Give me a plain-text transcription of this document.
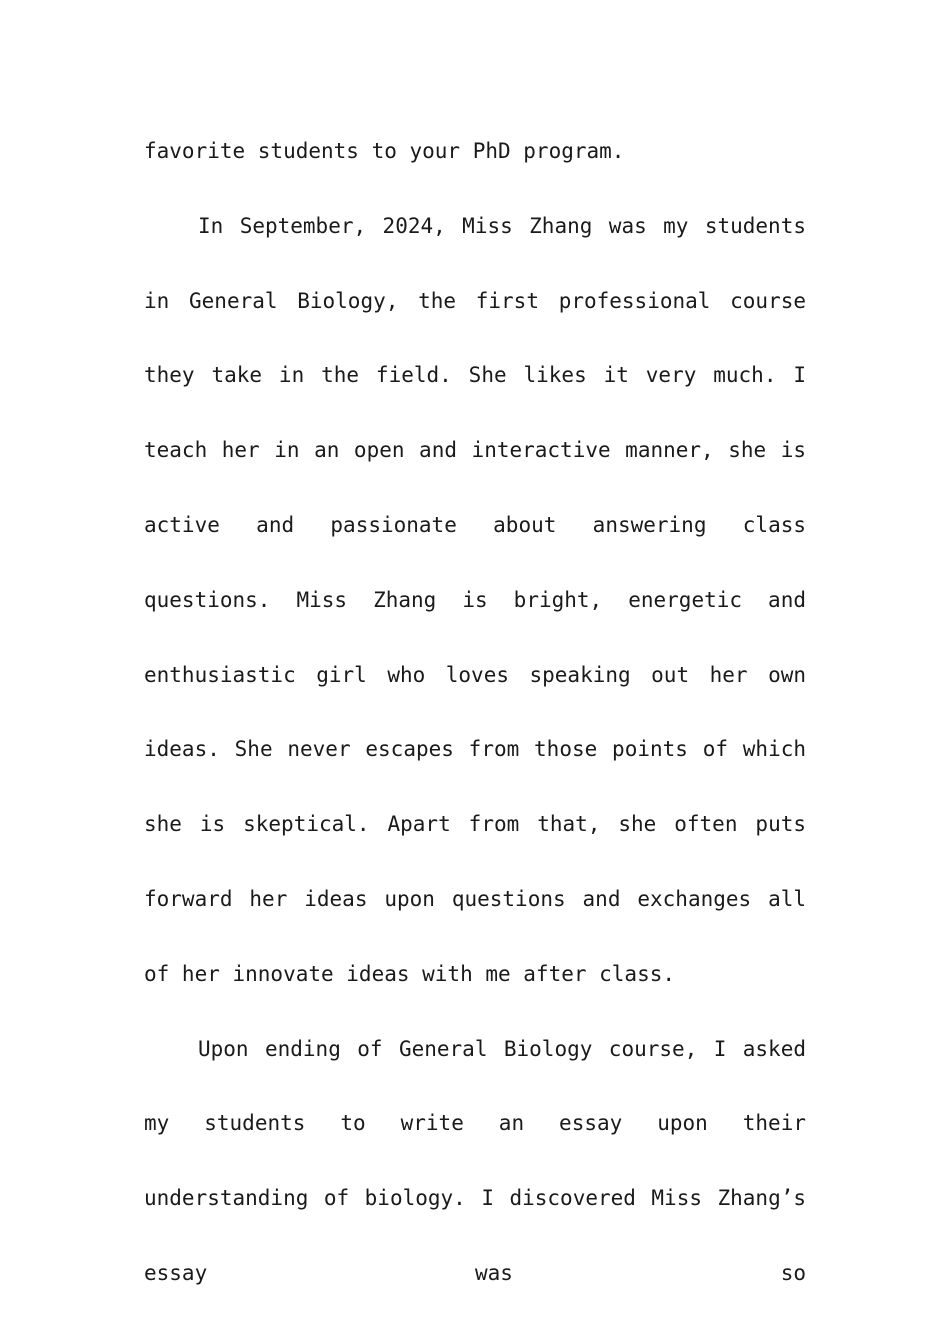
favorite students to your PhD program.

In September, 2024, Miss Zhang was my students in General Biology, the first professional course they take in the field. She likes it very much. I teach her in an open and interactive manner, she is active and passionate about answering class questions. Miss Zhang is bright, energetic and enthusiastic girl who loves speaking out her own ideas. She never escapes from those points of which she is skeptical. Apart from that, she often puts forward her ideas upon questions and exchanges all of her innovate ideas with me after class.

Upon ending of General Biology course, I asked my students to write an essay upon their understanding of biology. I discovered Miss Zhang’s essay was so
